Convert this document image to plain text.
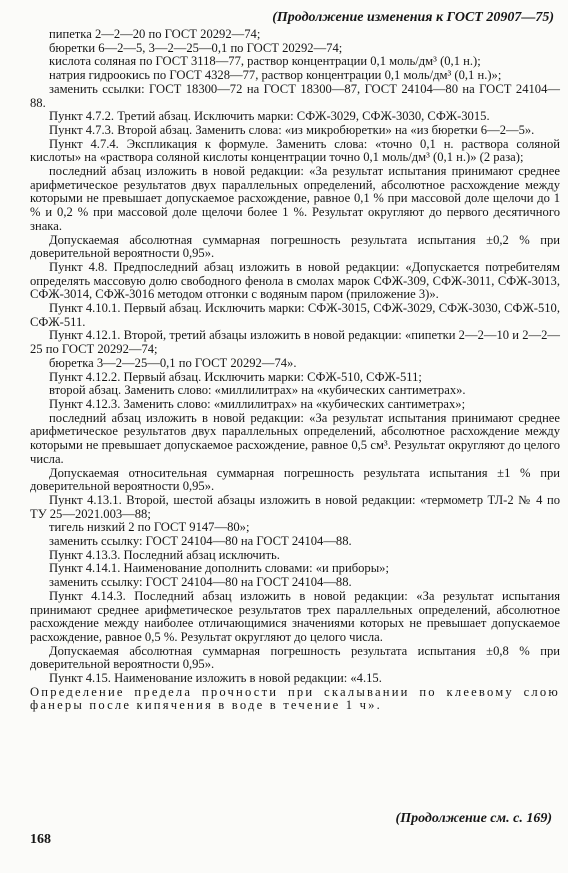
(Продолжение изменения к ГОСТ 20907—75)

пипетка 2—2—20 по ГОСТ 20292—74;

бюретки 6—2—5, 3—2—25—0,1 по ГОСТ 20292—74;

кислота соляная по ГОСТ 3118—77, раствор концентрации 0,1 моль/дм³ (0,1 н.);

натрия гидроокись по ГОСТ 4328—77, раствор концентрации 0,1 моль/дм³ (0,1 н.)»;

заменить ссылки: ГОСТ 18300—72 на ГОСТ 18300—87, ГОСТ 24104—80 на ГОСТ 24104—88.

Пункт 4.7.2. Третий абзац. Исключить марки: СФЖ-3029, СФЖ-3030, СФЖ-3015.

Пункт 4.7.3. Второй абзац. Заменить слова: «из микробюретки» на «из бюретки 6—2—5».

Пункт 4.7.4. Экспликация к формуле. Заменить слова: «точно 0,1 н. раствора соляной кислоты» на «раствора соляной кислоты концентрации точно 0,1 моль/дм³ (0,1 н.)» (2 раза);

последний абзац изложить в новой редакции: «За результат испытания принимают среднее арифметическое результатов двух параллельных определений, абсолютное расхождение между которыми не превышает допускаемое расхождение, равное 0,1 % при массовой доле щелочи до 1 % и 0,2 % при массовой доле щелочи более 1 %. Результат округляют до первого десятичного знака.

Допускаемая абсолютная суммарная погрешность результата испытания ±0,2 % при доверительной вероятности 0,95».

Пункт 4.8. Предпоследний абзац изложить в новой редакции: «Допускается потребителям определять массовую долю свободного фенола в смолах марок СФЖ-309, СФЖ-3011, СФЖ-3013, СФЖ-3014, СФЖ-3016 методом отгонки с водяным паром (приложение 3)».

Пункт 4.10.1. Первый абзац. Исключить марки: СФЖ-3015, СФЖ-3029, СФЖ-3030, СФЖ-510, СФЖ-511.

Пункт 4.12.1. Второй, третий абзацы изложить в новой редакции: «пипетки 2—2—10 и 2—2—25 по ГОСТ 20292—74;

бюретка 3—2—25—0,1 по ГОСТ 20292—74».

Пункт 4.12.2. Первый абзац. Исключить марки: СФЖ-510, СФЖ-511;

второй абзац. Заменить слово: «миллилитрах» на «кубических сантиметрах».

Пункт 4.12.3. Заменить слово: «миллилитрах» на «кубических сантиметрах»;

последний абзац изложить в новой редакции: «За результат испытания принимают среднее арифметическое результатов двух параллельных определений, абсолютное расхождение между которыми не превышает допускаемое расхождение, равное 0,5 см³. Результат округляют до целого числа.

Допускаемая относительная суммарная погрешность результата испытания ±1 % при доверительной вероятности 0,95».

Пункт 4.13.1. Второй, шестой абзацы изложить в новой редакции: «термометр ТЛ-2 № 4 по ТУ 25—2021.003—88;

тигель низкий 2 по ГОСТ 9147—80»;

заменить ссылку: ГОСТ 24104—80 на ГОСТ 24104—88.

Пункт 4.13.3. Последний абзац исключить.

Пункт 4.14.1. Наименование дополнить словами: «и приборы»;

заменить ссылку: ГОСТ 24104—80 на ГОСТ 24104—88.

Пункт 4.14.3. Последний абзац изложить в новой редакции: «За результат испытания принимают среднее арифметическое результатов трех параллельных определений, абсолютное расхождение между наиболее отличающимися значениями которых не превышает допускаемое расхождение, равное 0,5 %. Результат округляют до целого числа.

Допускаемая абсолютная суммарная погрешность результата испытания ±0,8 % при доверительной вероятности 0,95».

Пункт 4.15. Наименование изложить в новой редакции: «4.15.

Определение предела прочности при скалывании по клеевому слою фанеры после кипячения в воде в течение 1 ч».

(Продолжение см. с. 169)
168
